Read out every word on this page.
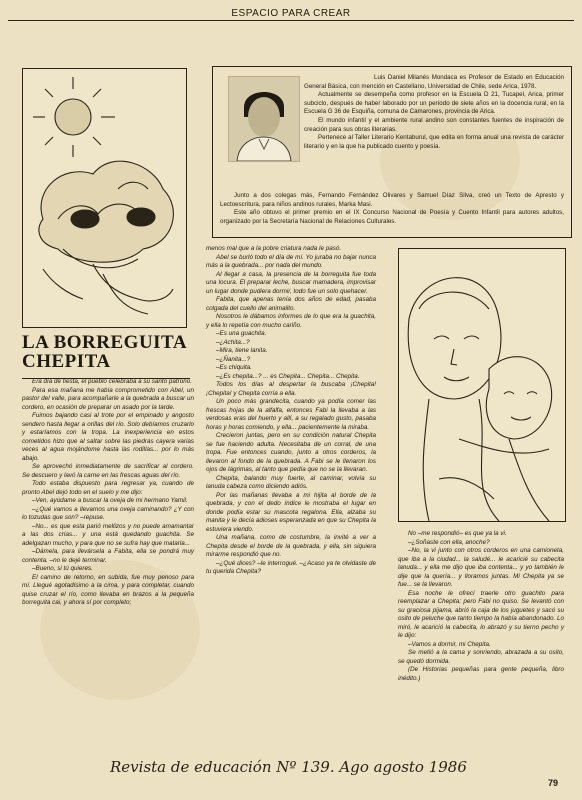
ESPACIO PARA CREAR
LA BORREGUITA CHEPITA

Luis Daniel Milanés Mondaca es Profesor de Estado en Educación General Básica, con mención en Castellano, Universidad de Chile, sede Arica, 1978.

Actualmente se desempeña como profesor en la Escuela D 21, Tucapel, Arica, primer subciclo, después de haber laborado por un período de siete años en la docencia rural, en la Escuela G 36 de Esquiña, comuna de Camarones, provincia de Arica.

El mundo infantil y el ambiente rural andino son constantes fuentes de inspiración de creación para sus obras literarias.

Pertenece al Taller Literario Kentaburul, que edita en forma anual una revista de carácter literario y en la que ha publicado cuento y poesía.

Junto a dos colegas más, Fernando Fernández Olivares y Samuel Díaz Silva, creó un Texto de Apresto y Lectoescritura, para niños andinos rurales, Marka Masi.

Este año obtuvo el primer premio en el IX Concurso Nacional de Poesía y Cuento Infantil para autores adultos, organizado por la Secretaría Nacional de Relaciones Culturales.

Era día de fiesta, el pueblo celebraba a su santo patrono.

Para esa mañana me había comprometido con Abel, un pastor del valle, para acompañarle a la quebrada a buscar un cordero, en ocasión de preparar un asado por la tarde.

Fuimos bajando casi al trote por el empinado y angosto sendero hasta llegar a orillas del río. Solo debíamos cruzarlo y estaríamos con la tropa. La inexperiencia en estos cometidos hizo que al saltar sobre las piedras cayera varias veces al agua mojándome hasta las rodillas... por lo más abajo.

Se aprovechó inmediatamente de sacrificar al cordero. Se descuero y lavó la carne en las frescas aguas del río.

Todo estaba dispuesto para regresar ya, cuando de pronto Abel dejó todo en el suelo y me dijo:

–Ven, ayúdame a buscar la oveja de mi hermano Yamil.

–¿Qué vamos a llevarnos una oveja caminando? ¿Y con lo tozudas que son? –repuse.

–No... es que esta parió mellizos y no puede amamantar a las dos crías... y una está quedando guachita. Se adelgazan mucho, y para que no se sufra hay que matarla...

–Dámela, para llevársela a Fabita, ella se pondrá muy contenta. –no le dejé terminar.

–Bueno, si tú quieres.

El camino de retorno, en subida, fue muy penoso para mí. Llegué agotadísimo a la cima, y para completar, cuando quise cruzar el río, como llevaba en brazos a la pequeña borreguita cai, y ahora sí por completo;

menos mal que a la pobre criatura nada le pasó.

Abel se burló todo el día de mí. Yo juraba no bajar nunca más a la quebrada... por nada del mundo.

Al llegar a casa, la presencia de la borreguita fue toda una locura. El preparar leche, buscar mamadera, improvisar un lugar donde pudiera dormir, todo fue un solo quehacer.

Fabita, que apenas tenía dos años de edad, pasaba colgada del cuello del animalito.

Nosotros le dábamos informes de lo que era la guachita, y ella lo repetía con mucho cariño.

–Es una guachita.

–¿Achita...?

–Mira, tiene lanita.

–¿Ñanita...?

–Es chiquita.

–¿Es chepita...? ... es Chepita... Chepita... Chepita.

Todos los días al despertar la buscaba ¡Chepita! ¡Chepita! y Chepita corría a ella.

Un poco más grandecita, cuando ya podía comer las frescas hojas de la alfalfa, entonces Fabi la llevaba a las verdosas eras del huerto y allí, a su regalado gusto, pasaba horas y horas comiendo, y ella... pacientemente la miraba.

Crecieron juntas, pero en su condición natural Chepita se fue haciendo adulta. Necesitaba de un corral, de una tropa. Fue entonces cuando, junto a otros corderos, la llevaron al fondo de la quebrada. A Fabi se le llenaron los ojos de lágrimas, al tanto que pedía que no se la llevaran.

Chepita, balando muy fuerte, al caminar, volvía su lanuda cabeza como diciendo adiós.

Por las mañanas llevaba a mi hijita al borde de la quebrada, y con el dedo índice le mostraba el lugar en donde podía estar su mascota regalona. Ella, alzaba su manita y le decía adioses esperanzada en que su Chepita la estuviera viendo.

Una mañana, como de costumbre, la invité a ver a Chepita desde el borde de la quebrada, y ella, sin siquiera mirarme respondió que no.

–¿Qué dices? –le interrogué. –¿Acaso ya te olvidaste de tu querida Chepita?

No –me respondió– es que ya la vi.

–¿Soñaste con ella, anoche?

–No, la vi junto con otros corderos en una camioneta, que iba a la ciudad... la saludé... le acaricié su cabecita lanuda... y ella me dijo que iba contenta... y yo también le dije que la quería... y lloramos juntas. Mi Chepita ya se fue... se la llevaron.

Esa noche le ofrecí traerle otro guachito para reemplazar a Chepita; pero Fabi no quiso. Se levantó con su graciosa pijama, abrió la caja de los juguetes y sacó su osito de peluche que tanto tiempo la había abandonado. Lo miró, le acarició la cabecita, lo abrazó y su tierno pecho y le dijo:

–Vamos a dormir, mi Chepita.

Se metió a la cama y sonriendo, abrazada a su osito, se quedó dormida.

(De Historias pequeñas para gente pequeña, libro inédito.)

Revista de educación Nº 139. Ago agosto 1986
79
